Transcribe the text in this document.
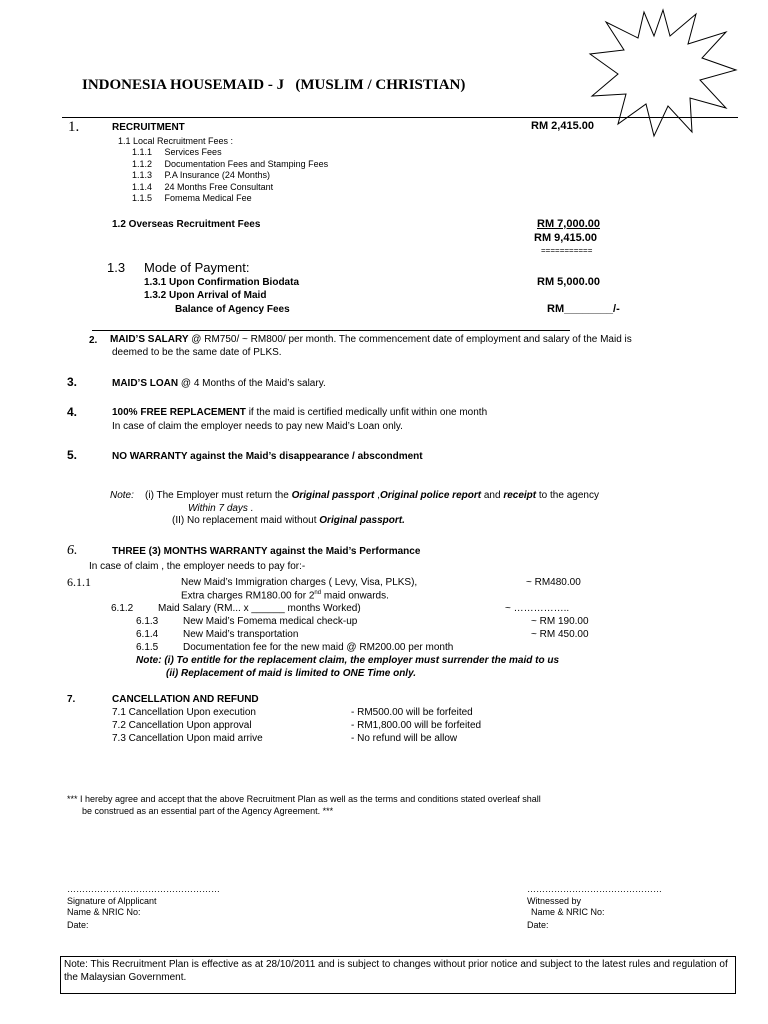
INDONESIA HOUSEMAID - J (MUSLIM / CHRISTIAN)
1.	RECRUITMENT	RM 2,415.00
1.1 Local Recruitment Fees :
1.1.1 Services Fees
1.1.2 Documentation Fees and Stamping Fees
1.1.3 P.A Insurance (24 Months)
1.1.4 24 Months Free Consultant
1.1.5 Fomema Medical Fee
1.2 Overseas Recruitment Fees	RM 7,000.00
RM 9,415.00
===========
1.3 Mode of Payment:
1.3.1 Upon Confirmation Biodata	RM 5,000.00
1.3.2 Upon Arrival of Maid
Balance of Agency Fees	RM________/-
2. MAID’S SALARY @ RM750/ ~ RM800/ per month. The commencement date of employment and salary of the Maid is
deemed to be the same date of PLKS.
3.	MAID’S LOAN @ 4 Months of the Maid’s salary.
4.	100% FREE REPLACEMENT if the maid is certified medically unfit within one month
In case of claim the employer needs to pay new Maid’s Loan only.
5.	NO WARRANTY against the Maid’s disappearance / abscondment
Note: (i) The Employer must return the Original passport ,Original police report and receipt to the agency
Within 7 days .
(II) No replacement maid without Original passport.
6.	THREE (3) MONTHS WARRANTY against the Maid’s Performance
In case of claim , the employer needs to pay for:-
6.1.1	New Maid’s Immigration charges ( Levy, Visa, PLKS),	~ RM480.00
Extra charges RM180.00 for 2nd maid onwards.
6.1.2 Maid Salary (RM... x ______ months Worked)	~ ……………..
6.1.3 New Maid’s Fomema medical check-up	~ RM 190.00
6.1.4 New Maid’s transportation	~ RM 450.00
6.1.5 Documentation fee for the new maid @ RM200.00 per month
Note: (i) To entitle for the replacement claim, the employer must surrender the maid to us
(ii) Replacement of maid is limited to ONE Time only.
7.	CANCELLATION AND REFUND
7.1 Cancellation Upon execution	- RM500.00 will be forfeited
7.2 Cancellation Upon approval	- RM1,800.00 will be forfeited
7.3 Cancellation Upon maid arrive	- No refund will be allow
*** I hereby agree and accept that the above Recruitment Plan as well as the terms and conditions stated overleaf shall
be construed as an essential part of the Agency Agreement. ***
……………………………………………
Signature of Alpplicant
Name & NRIC No:
Date:
………………………………………
Witnessed by
Name & NRIC No:
Date:
Note: This Recruitment Plan is effective as at 28/10/2011 and is subject to changes without prior notice and subject to the latest rules and regulation of the Malaysian Government.
